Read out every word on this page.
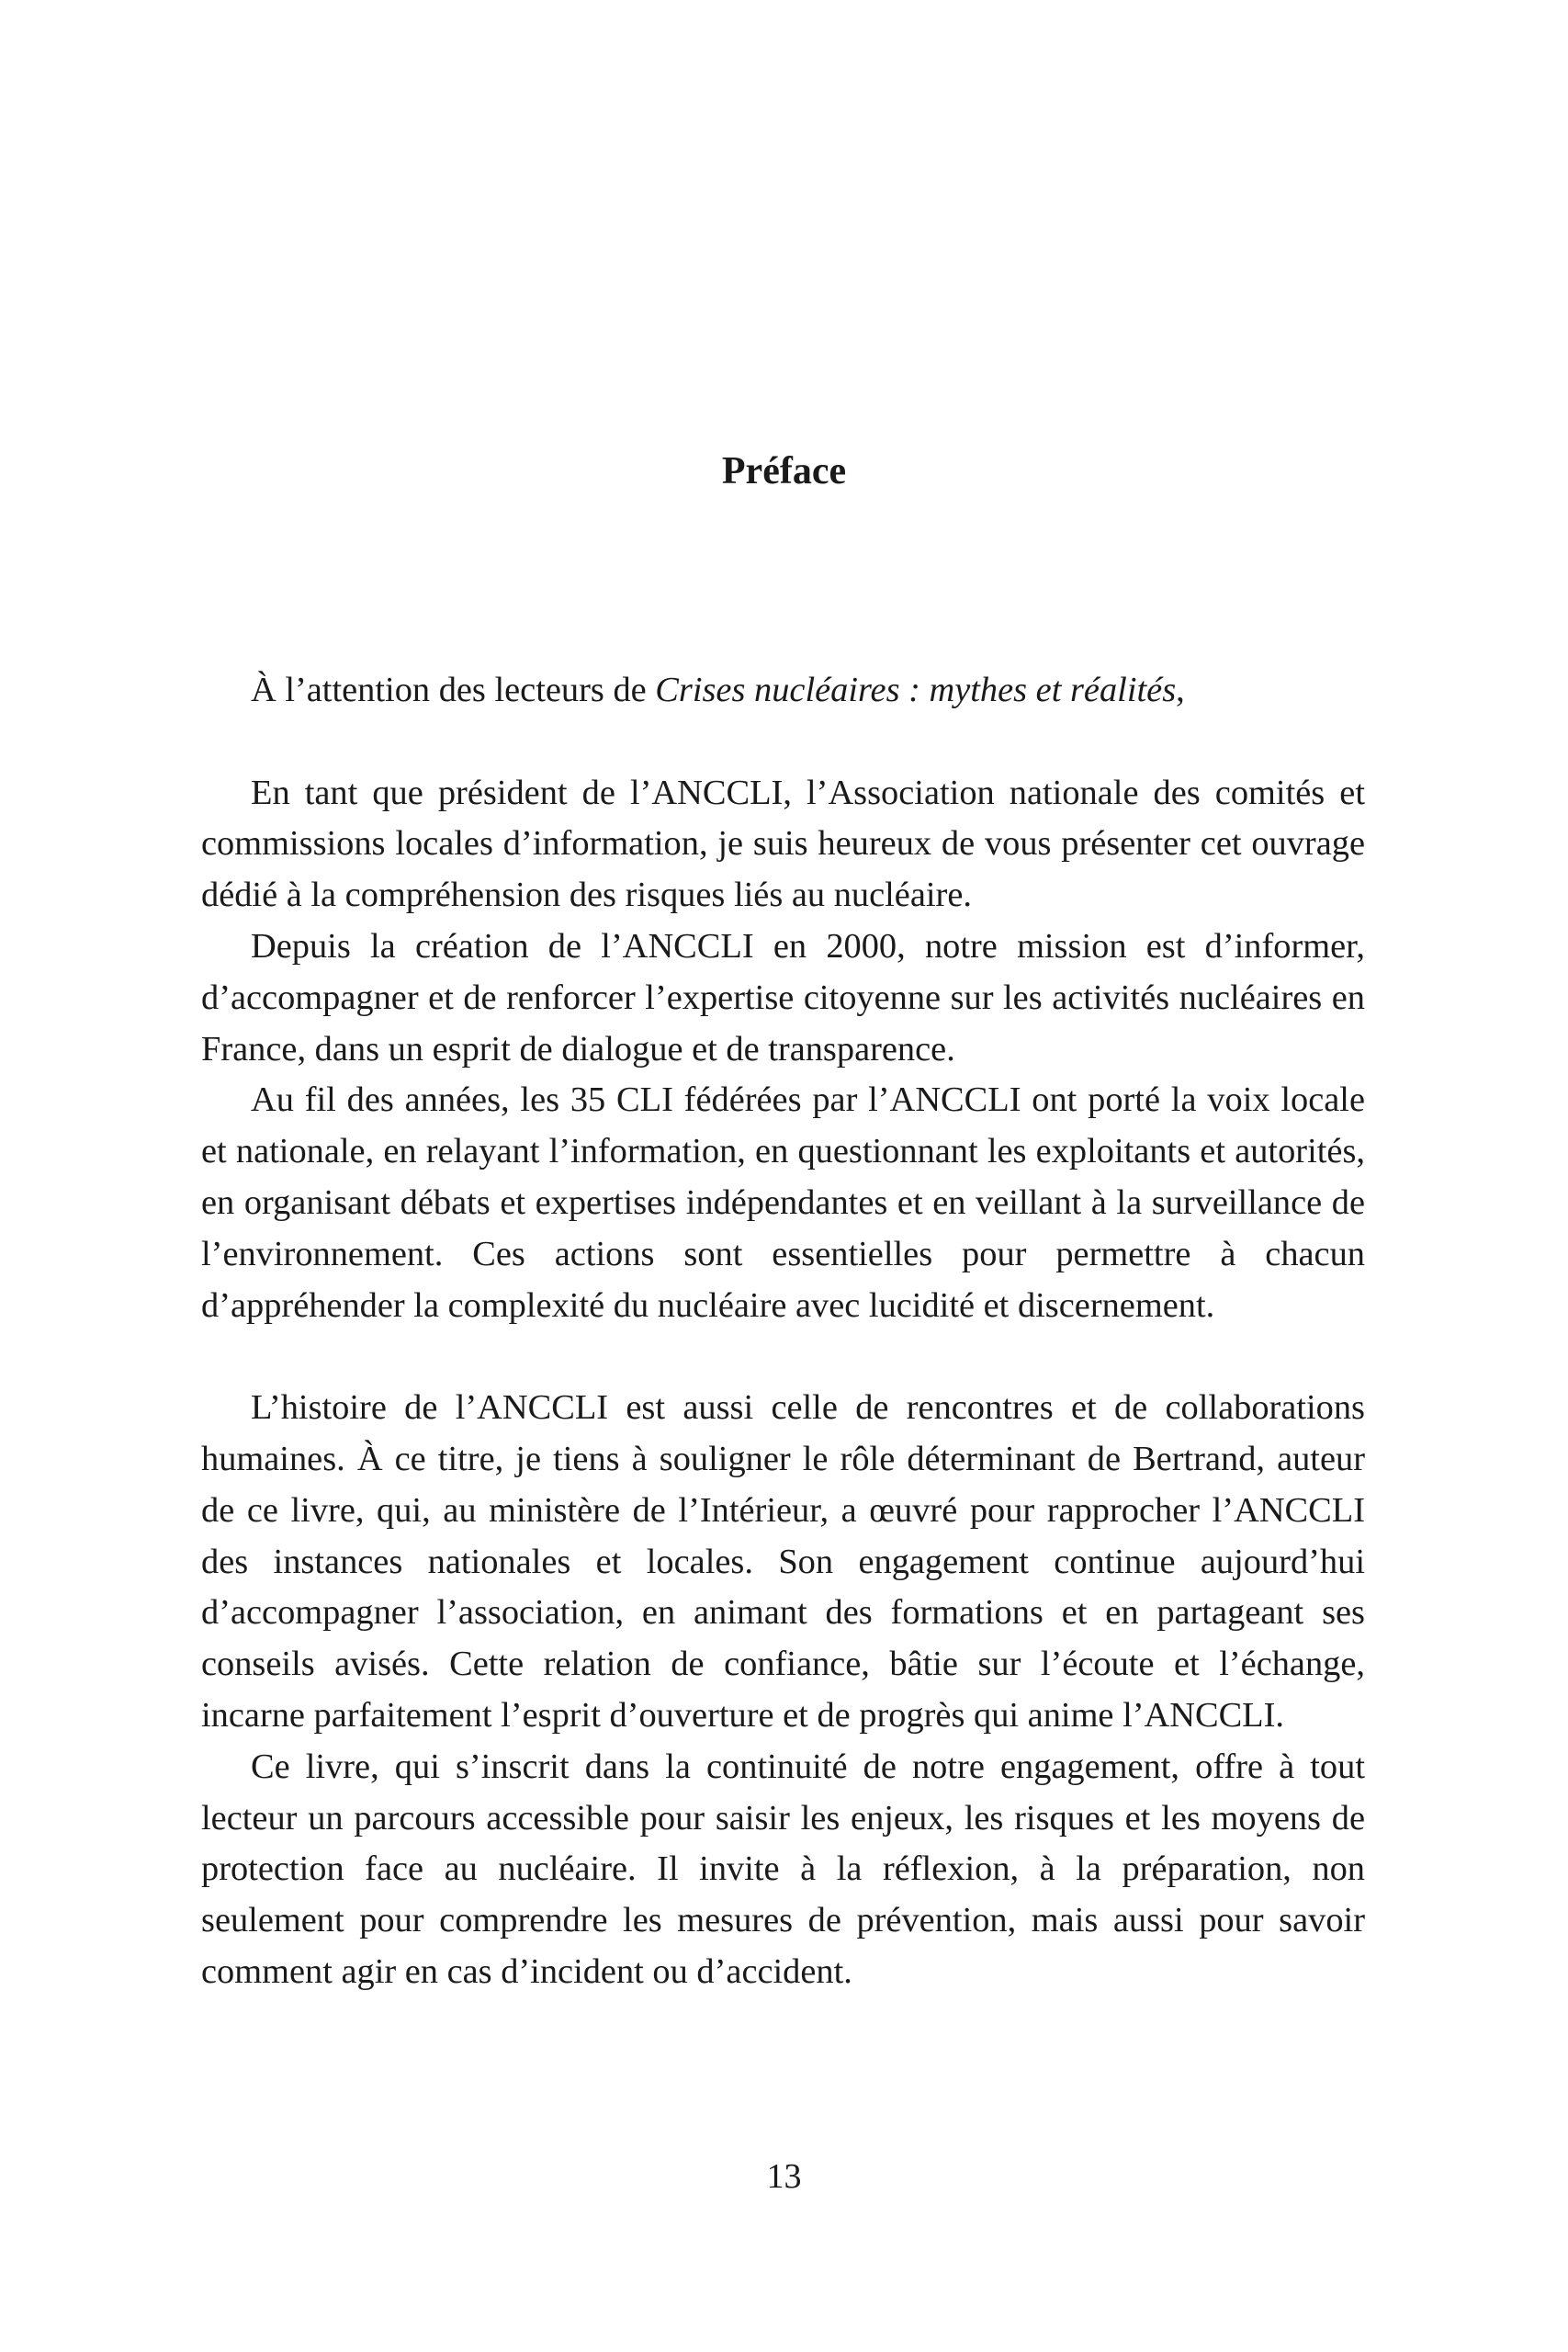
Préface

À l’attention des lecteurs de Crises nucléaires : mythes et réalités,

En tant que président de l’ANCCLI, l’Association nationale des comités et commissions locales d’information, je suis heureux de vous présenter cet ouvrage dédié à la compréhension des risques liés au nucléaire.

Depuis la création de l’ANCCLI en 2000, notre mission est d’informer, d’accompagner et de renforcer l’expertise citoyenne sur les activités nucléaires en France, dans un esprit de dialogue et de transparence.

Au fil des années, les 35 CLI fédérées par l’ANCCLI ont porté la voix locale et nationale, en relayant l’information, en questionnant les exploitants et autorités, en organisant débats et expertises indépendantes et en veillant à la surveillance de l’environnement. Ces actions sont essentielles pour permettre à chacun d’appréhender la complexité du nucléaire avec lucidité et discernement.

L’histoire de l’ANCCLI est aussi celle de rencontres et de collaborations humaines. À ce titre, je tiens à souligner le rôle déterminant de Bertrand, auteur de ce livre, qui, au ministère de l’Intérieur, a œuvré pour rapprocher l’ANCCLI des instances nationales et locales. Son engagement continue aujourd’hui d’accompagner l’association, en animant des formations et en partageant ses conseils avisés. Cette relation de confiance, bâtie sur l’écoute et l’échange, incarne parfaitement l’esprit d’ouverture et de progrès qui anime l’ANCCLI.

Ce livre, qui s’inscrit dans la continuité de notre engagement, offre à tout lecteur un parcours accessible pour saisir les enjeux, les risques et les moyens de protection face au nucléaire. Il invite à la réflexion, à la préparation, non seulement pour comprendre les mesures de prévention, mais aussi pour savoir comment agir en cas d’incident ou d’accident.

13
